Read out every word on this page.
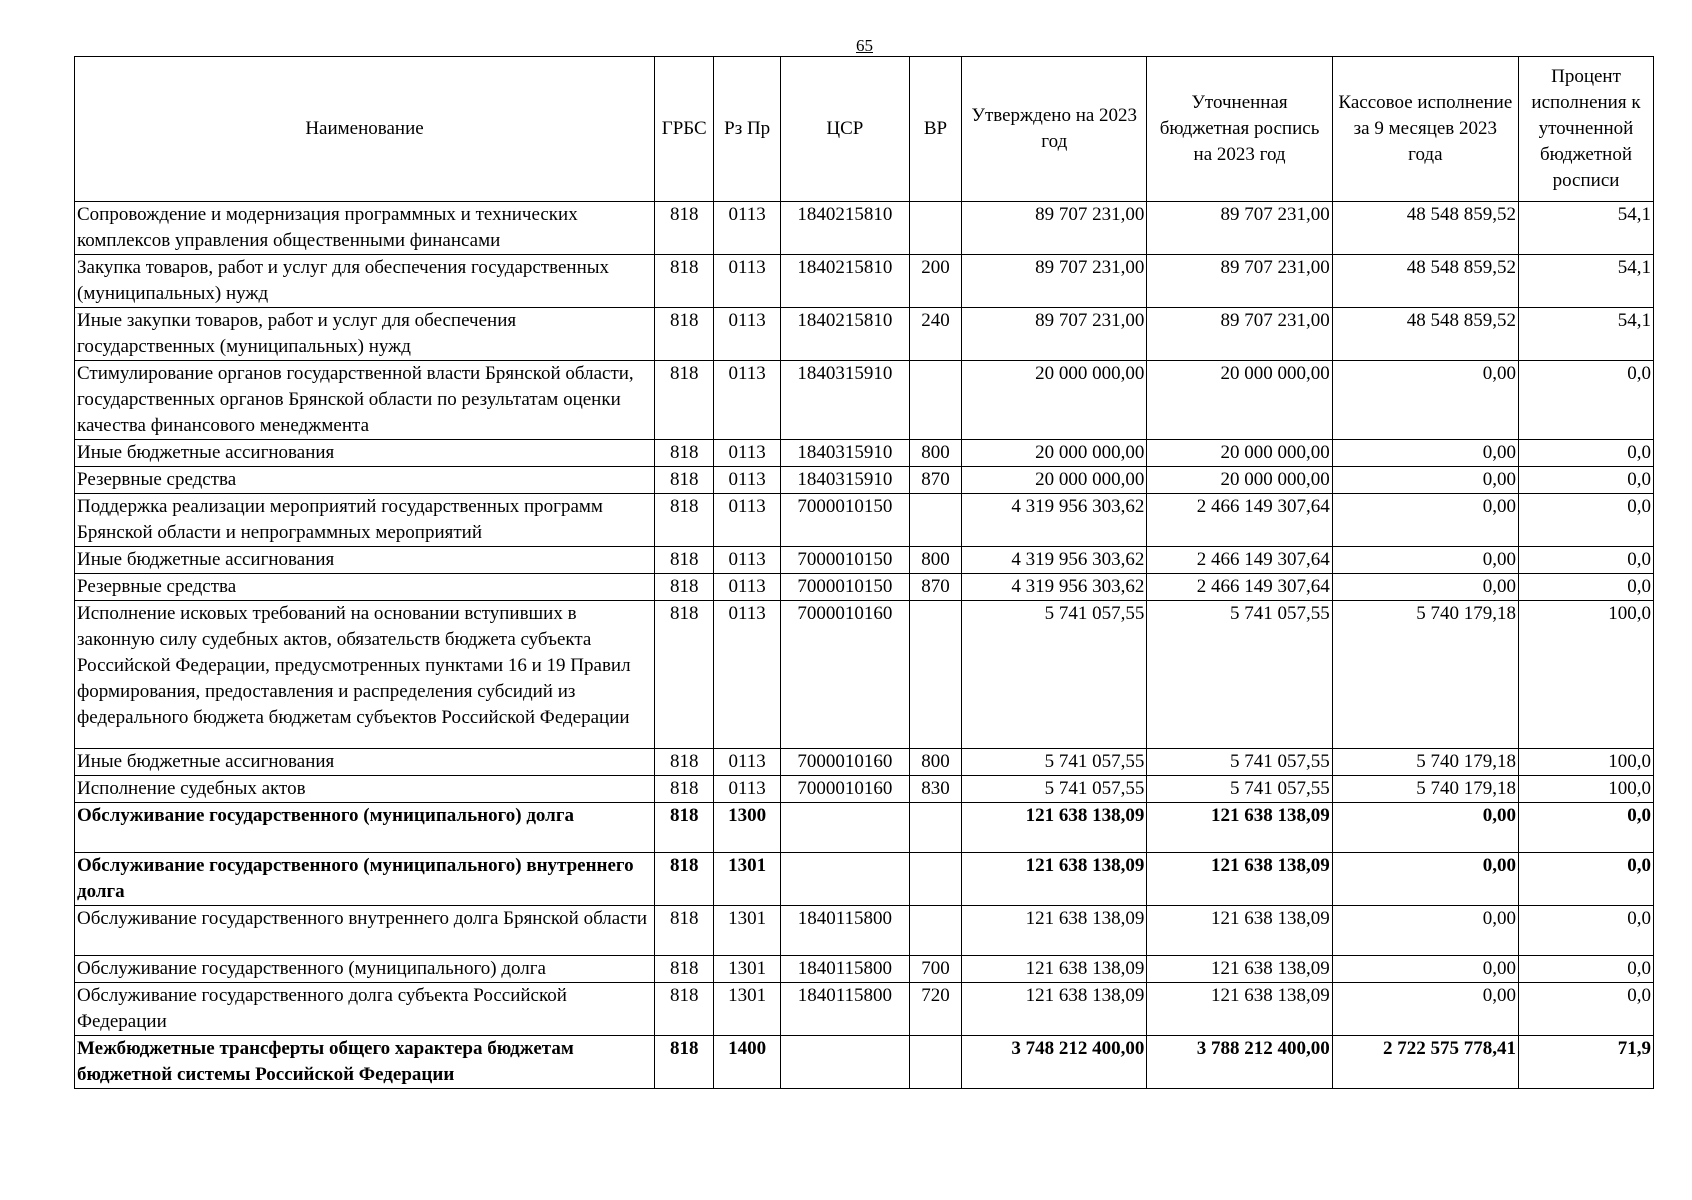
65
Наименование	ГРБС	Рз Пр	ЦСР	ВР	Утверждено на 2023 год	Уточненная бюджетная роспись на 2023 год	Кассовое исполнение за 9 месяцев 2023 года	Процент исполнения к уточненной бюджетной росписи
Сопровождение и модернизация программных и технических комплексов управления общественными финансами	818	0113	1840215810		89 707 231,00	89 707 231,00	48 548 859,52	54,1
Закупка товаров, работ и услуг для обеспечения государственных (муниципальных) нужд	818	0113	1840215810	200	89 707 231,00	89 707 231,00	48 548 859,52	54,1
Иные закупки товаров, работ и услуг для обеспечения государственных (муниципальных) нужд	818	0113	1840215810	240	89 707 231,00	89 707 231,00	48 548 859,52	54,1
Стимулирование органов государственной власти Брянской области, государственных органов Брянской области по результатам оценки качества финансового менеджмента	818	0113	1840315910		20 000 000,00	20 000 000,00	0,00	0,0
Иные бюджетные ассигнования	818	0113	1840315910	800	20 000 000,00	20 000 000,00	0,00	0,0
Резервные средства	818	0113	1840315910	870	20 000 000,00	20 000 000,00	0,00	0,0
Поддержка реализации мероприятий государственных программ Брянской области и непрограммных мероприятий	818	0113	7000010150		4 319 956 303,62	2 466 149 307,64	0,00	0,0
Иные бюджетные ассигнования	818	0113	7000010150	800	4 319 956 303,62	2 466 149 307,64	0,00	0,0
Резервные средства	818	0113	7000010150	870	4 319 956 303,62	2 466 149 307,64	0,00	0,0
Исполнение исковых требований на основании вступивших в законную силу судебных актов, обязательств бюджета субъекта Российской Федерации, предусмотренных пунктами 16 и 19 Правил формирования, предоставления и распределения субсидий из федерального бюджета бюджетам субъектов Российской Федерации	818	0113	7000010160		5 741 057,55	5 741 057,55	5 740 179,18	100,0
Иные бюджетные ассигнования	818	0113	7000010160	800	5 741 057,55	5 741 057,55	5 740 179,18	100,0
Исполнение судебных актов	818	0113	7000010160	830	5 741 057,55	5 741 057,55	5 740 179,18	100,0
Обслуживание государственного (муниципального) долга	818	1300			121 638 138,09	121 638 138,09	0,00	0,0
Обслуживание государственного (муниципального) внутреннего долга	818	1301			121 638 138,09	121 638 138,09	0,00	0,0
Обслуживание государственного внутреннего долга Брянской области	818	1301	1840115800		121 638 138,09	121 638 138,09	0,00	0,0
Обслуживание государственного (муниципального) долга	818	1301	1840115800	700	121 638 138,09	121 638 138,09	0,00	0,0
Обслуживание государственного долга субъекта Российской Федерации	818	1301	1840115800	720	121 638 138,09	121 638 138,09	0,00	0,0
Межбюджетные трансферты общего характера бюджетам бюджетной системы Российской Федерации	818	1400			3 748 212 400,00	3 788 212 400,00	2 722 575 778,41	71,9
